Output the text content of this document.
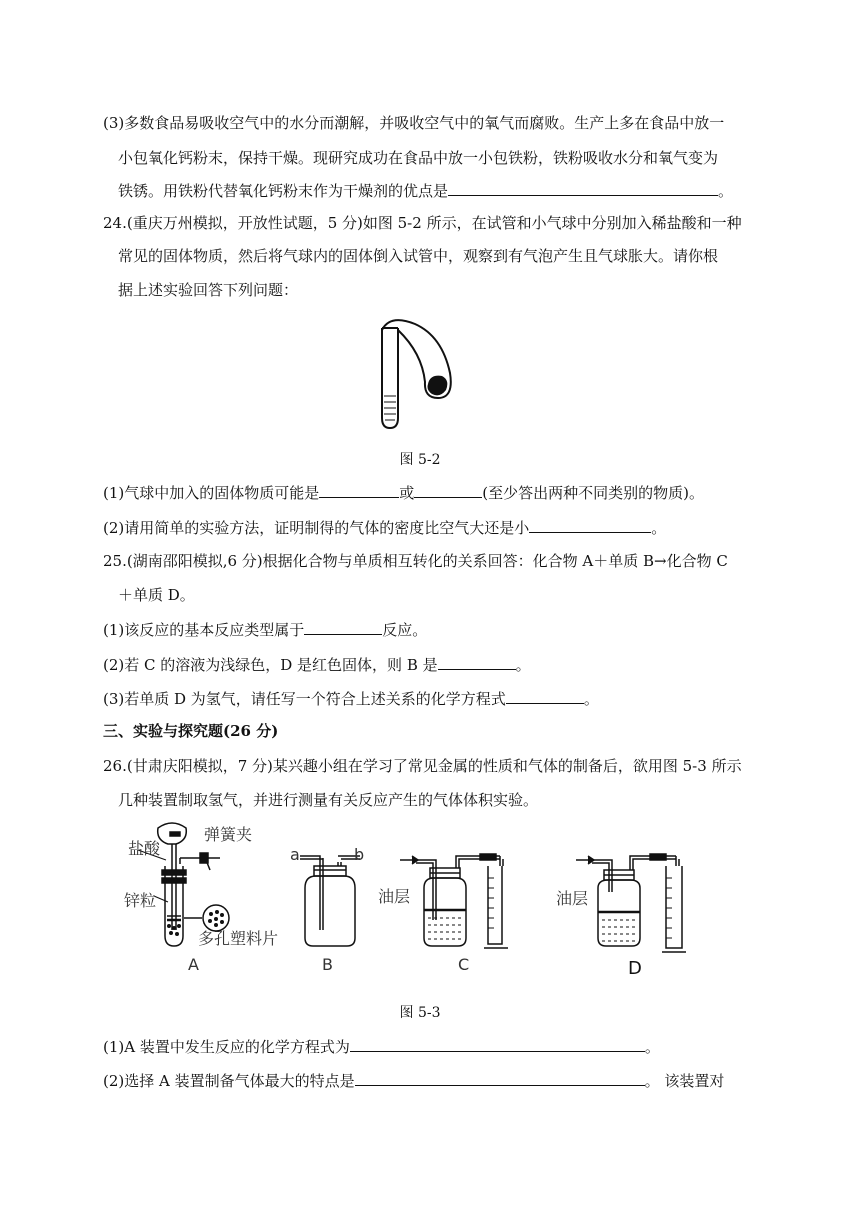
(3)多数食品易吸收空气中的水分而潮解，并吸收空气中的氧气而腐败。生产上多在食品中放一
小包氧化钙粉末，保持干燥。现研究成功在食品中放一小包铁粉，铁粉吸收水分和氧气变为
铁锈。用铁粉代替氧化钙粉末作为干燥剂的优点是	。
24.(重庆万州模拟，开放性试题，5 分)如图 5-2 所示，在试管和小气球中分别加入稀盐酸和一种
常见的固体物质，然后将气球内的固体倒入试管中，观察到有气泡产生且气球胀大。请你根
据上述实验回答下列问题：
图 5-2
(1)气球中加入的固体物质可能是	或	(至少答出两种不同类别的物质)。
(2)请用简单的实验方法，证明制得的气体的密度比空气大还是小	。
25.(湖南邵阳模拟,6 分)根据化合物与单质相互转化的关系回答：化合物 A＋单质 B→化合物 C
＋单质 D。
(1)该反应的基本反应类型属于	反应。
(2)若 C 的溶液为浅绿色，D 是红色固体，则 B 是	。
(3)若单质 D 为氢气，请任写一个符合上述关系的化学方程式	。
三、实验与探究题(26 分)
26.(甘肃庆阳模拟，7 分)某兴趣小组在学习了常见金属的性质和气体的制备后，欲用图 5-3 所示
几种装置制取氢气，并进行测量有关反应产生的气体体积实验。
弹簧夹
盐酸
锌粒
多孔塑料片
A
a	b
B
油层
C
油层
D
图 5-3
(1)A 装置中发生反应的化学方程式为	。
(2)选择 A 装置制备气体最大的特点是	。 该装置对
